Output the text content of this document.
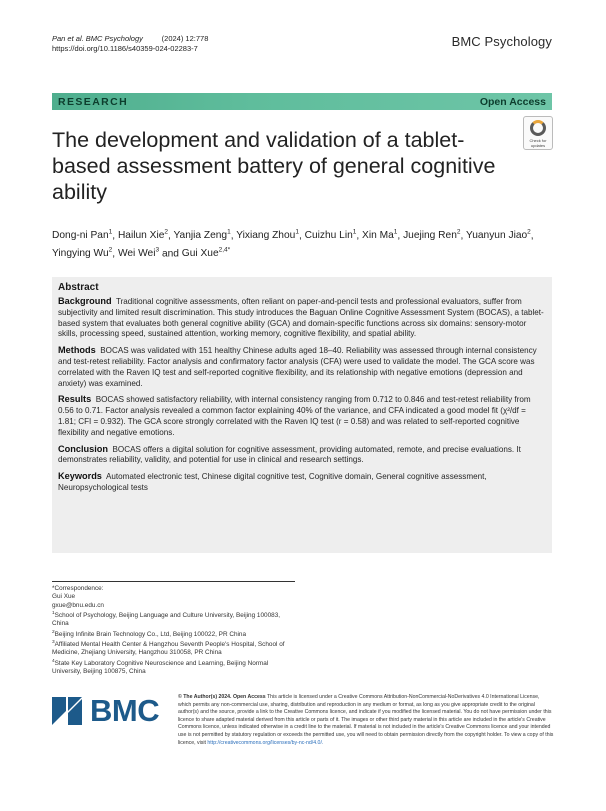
Pan et al. BMC Psychology	(2024) 12:778
https://doi.org/10.1186/s40359-024-02283-7	BMC Psychology
RESEARCH	Open Access
Check for updates
The development and validation of a tablet-based assessment battery of general cognitive ability
Dong-ni Pan$^1$, Hailun Xie$^2$, Yanjia Zeng$^1$, Yixiang Zhou$^1$, Cuizhu Lin$^1$, Xin Ma$^1$, Juejing Ren$^2$, Yuanyun Jiao$^2$, Yingying Wu$^2$, Wei Wei$^3$ and Gui Xue$^{2,4*}$
Abstract
Background Traditional cognitive assessments, often reliant on paper-and-pencil tests and professional evaluators, suffer from subjectivity and limited result discrimination. This study introduces the Baguan Online Cognitive Assessment System (BOCAS), a tablet-based system that evaluates both general cognitive ability (GCA) and domain-specific functions across six domains: sensory-motor skills, processing speed, sustained attention, working memory, cognitive flexibility, and spatial ability.
Methods BOCAS was validated with 151 healthy Chinese adults aged 18–40. Reliability was assessed through internal consistency and test-retest reliability. Factor analysis and confirmatory factor analysis (CFA) were used to validate the model. The GCA score was correlated with the Raven IQ test and self-reported cognitive flexibility, and its relationship with negative emotions (depression and anxiety) was examined.
Results BOCAS showed satisfactory reliability, with internal consistency ranging from 0.712 to 0.846 and test-retest reliability from 0.56 to 0.71. Factor analysis revealed a common factor explaining 40% of the variance, and CFA indicated a good model fit (χ²/df = 1.81; CFI = 0.932). The GCA score strongly correlated with the Raven IQ test (r = 0.58) and was related to self-reported cognitive flexibility and negative emotions.
Conclusion BOCAS offers a digital solution for cognitive assessment, providing automated, remote, and precise evaluations. It demonstrates reliability, validity, and potential for use in clinical and research settings.
Keywords Automated electronic test, Chinese digital cognitive test, Cognitive domain, General cognitive assessment, Neuropsychological tests
*Correspondence:
Gui Xue
gxue@bnu.edu.cn
$^1$School of Psychology, Beijing Language and Culture University, Beijing 100083, China
$^2$Beijing Infinite Brain Technology Co., Ltd, Beijing 100022, PR China
$^3$Affiliated Mental Health Center & Hangzhou Seventh People's Hospital, School of Medicine, Zhejiang University, Hangzhou 310058, PR China
$^4$State Key Laboratory Cognitive Neuroscience and Learning, Beijing Normal University, Beijing 100875, China
BMC	© The Author(s) 2024. Open Access This article is licensed under a Creative Commons Attribution-NonCommercial-NoDerivatives 4.0 International License, which permits any non-commercial use, sharing, distribution and reproduction in any medium or format, as long as you give appropriate credit to the original author(s) and the source, provide a link to the Creative Commons licence, and indicate if you modified the licensed material. You do not have permission under this licence to share adapted material derived from this article or parts of it. The images or other third party material in this article are included in the article's Creative Commons licence, unless indicated otherwise in a credit line to the material. If material is not included in the article's Creative Commons licence and your intended use is not permitted by statutory regulation or exceeds the permitted use, you will need to obtain permission directly from the copyright holder. To view a copy of this licence, visit http://creativecommons.org/licenses/by-nc-nd/4.0/.
